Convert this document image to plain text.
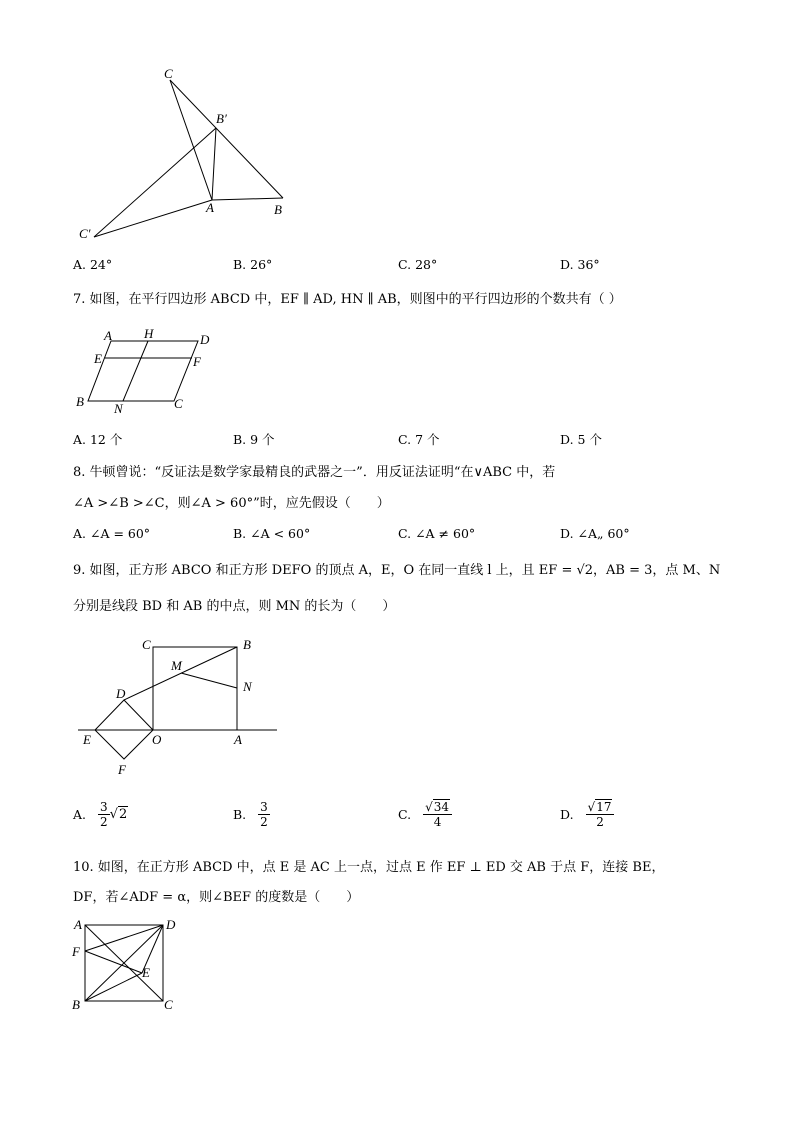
C
B′
A	B
C′
A. 24°	B. 26°	C. 28°	D. 36°
7. 如图，在平行四边形 ABCD 中，EF ∥ AD, HN ∥ AB，则图中的平行四边形的个数共有（ ）
A H	D
E	F
B N	C
A. 12 个	B. 9 个	C. 7 个	D. 5 个
8. 牛顿曾说：“反证法是数学家最精良的武器之一”．用反证法证明“在∨ABC 中，若
∠A >∠B >∠C，则∠A > 60°”时，应先假设（　　）
A. ∠A = 60°	B. ∠A < 60°	C. ∠A ≠ 60°	D. ∠A„ 60°
9. 如图，正方形 ABCO 和正方形 DEFO 的顶点 A，E，O 在同一直线 l 上，且 EF = √2，AB = 3，点 M、N
分别是线段 BD 和 AB 的中点，则 MN 的长为（　　）
C	B
M
N
D
E	O	A
F
A. $\frac{3}{2} √2$	B. $\frac{3}{2}$	C. $\frac{√34}{4}$	D. $\frac{√17}{2}$
10. 如图，在正方形 ABCD 中，点 E 是 AC 上一点，过点 E 作 EF ⊥ ED 交 AB 于点 F，连接 BE，
DF，若∠ADF = α，则∠BEF 的度数是（　　）
A	D
F
E
B	C
